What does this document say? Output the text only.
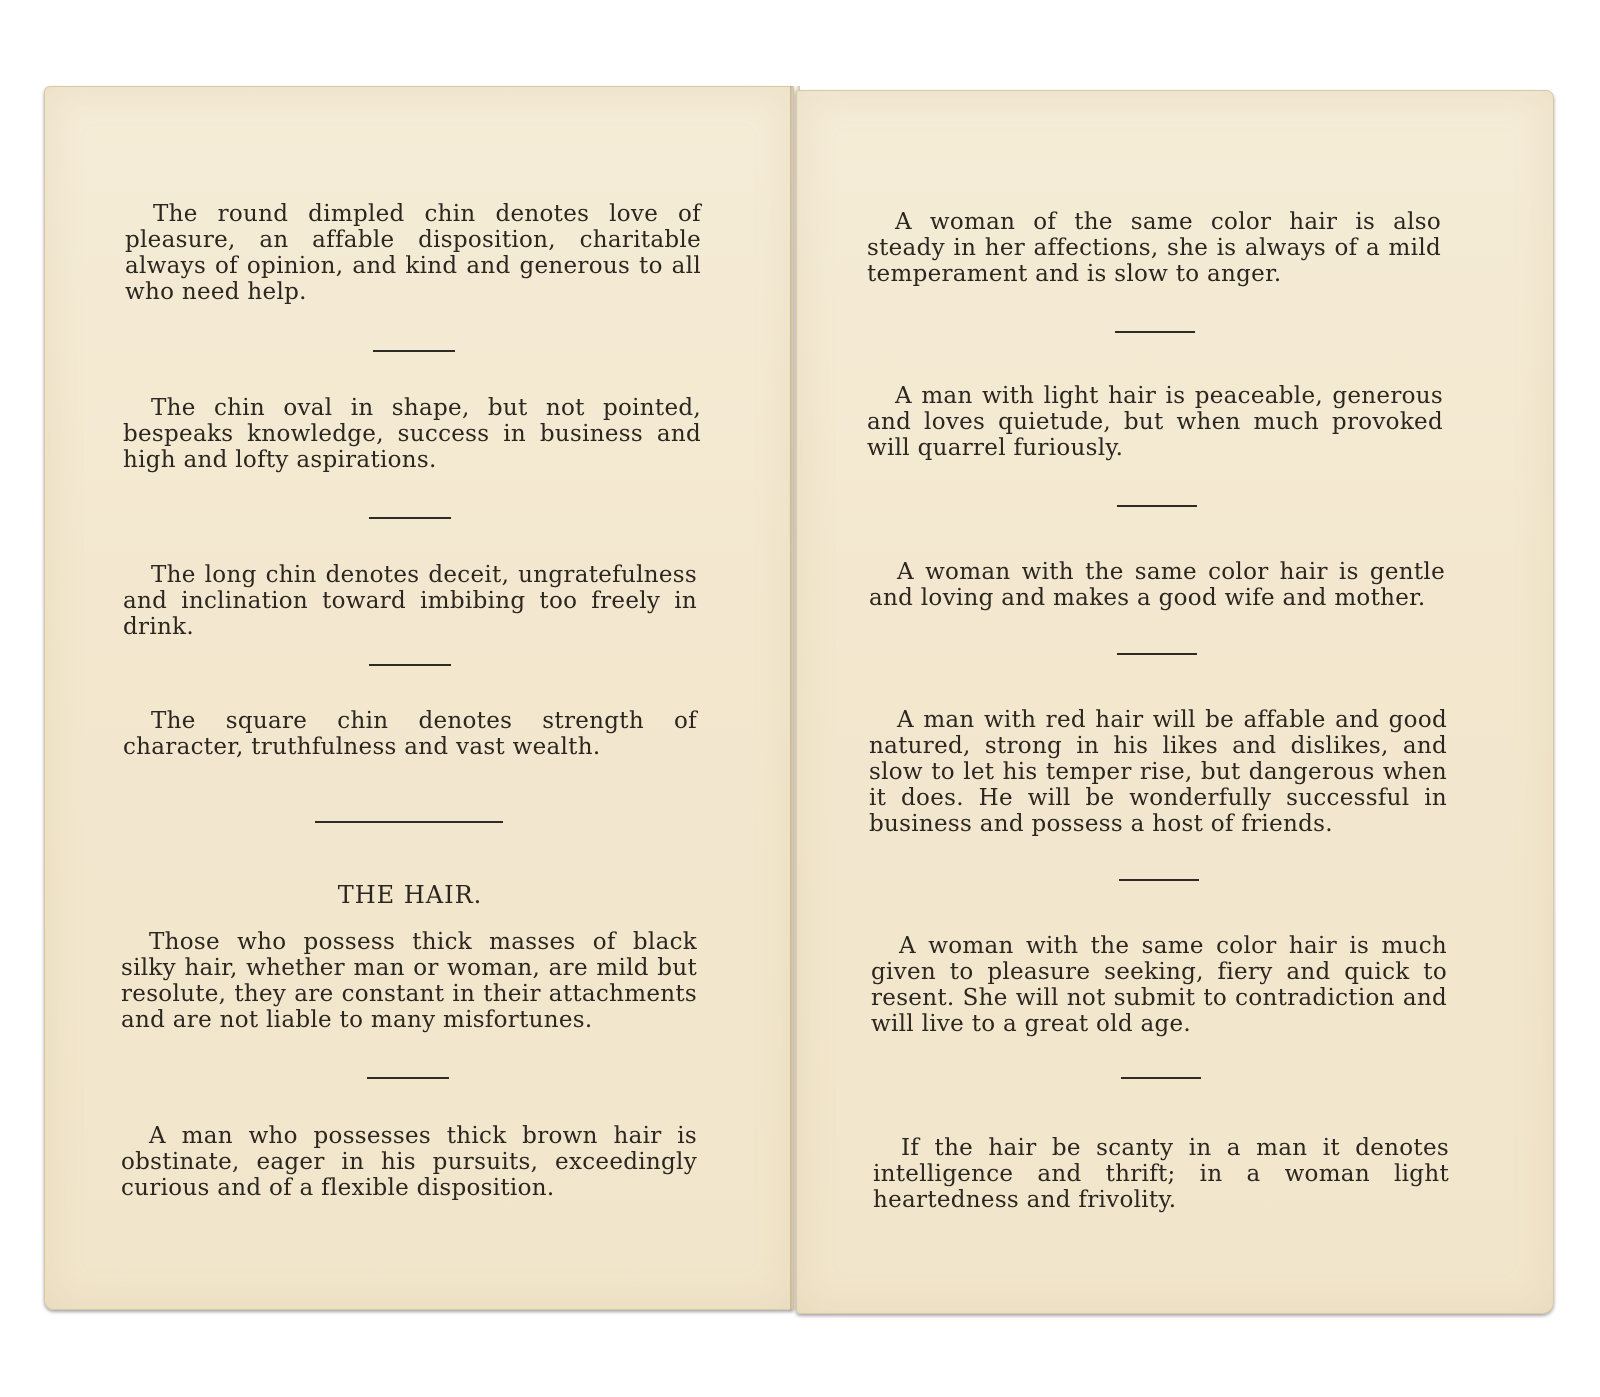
The round dimpled chin denotes love of pleasure, an affable disposition, charitable always of opinion, and kind and generous to all who need help.

The chin oval in shape, but not pointed, bespeaks knowledge, success in business and high and lofty aspirations.

The long chin denotes deceit, ungratefulness and inclination toward imbibing too freely in drink.

The square chin denotes strength of character, truthfulness and vast wealth.

THE HAIR.

Those who possess thick masses of black silky hair, whether man or woman, are mild but resolute, they are constant in their attachments and are not liable to many misfortunes.

A man who possesses thick brown hair is obstinate, eager in his pursuits, exceedingly curious and of a flexible disposition.

A woman of the same color hair is also steady in her affections, she is always of a mild temperament and is slow to anger.

A man with light hair is peaceable, generous and loves quietude, but when much provoked will quarrel furiously.

A woman with the same color hair is gentle and loving and makes a good wife and mother.

A man with red hair will be affable and good natured, strong in his likes and dislikes, and slow to let his temper rise, but dangerous when it does. He will be wonderfully successful in business and possess a host of friends.

A woman with the same color hair is much given to pleasure seeking, fiery and quick to resent. She will not submit to contradiction and will live to a great old age.

If the hair be scanty in a man it denotes intelligence and thrift; in a woman light heartedness and frivolity.
